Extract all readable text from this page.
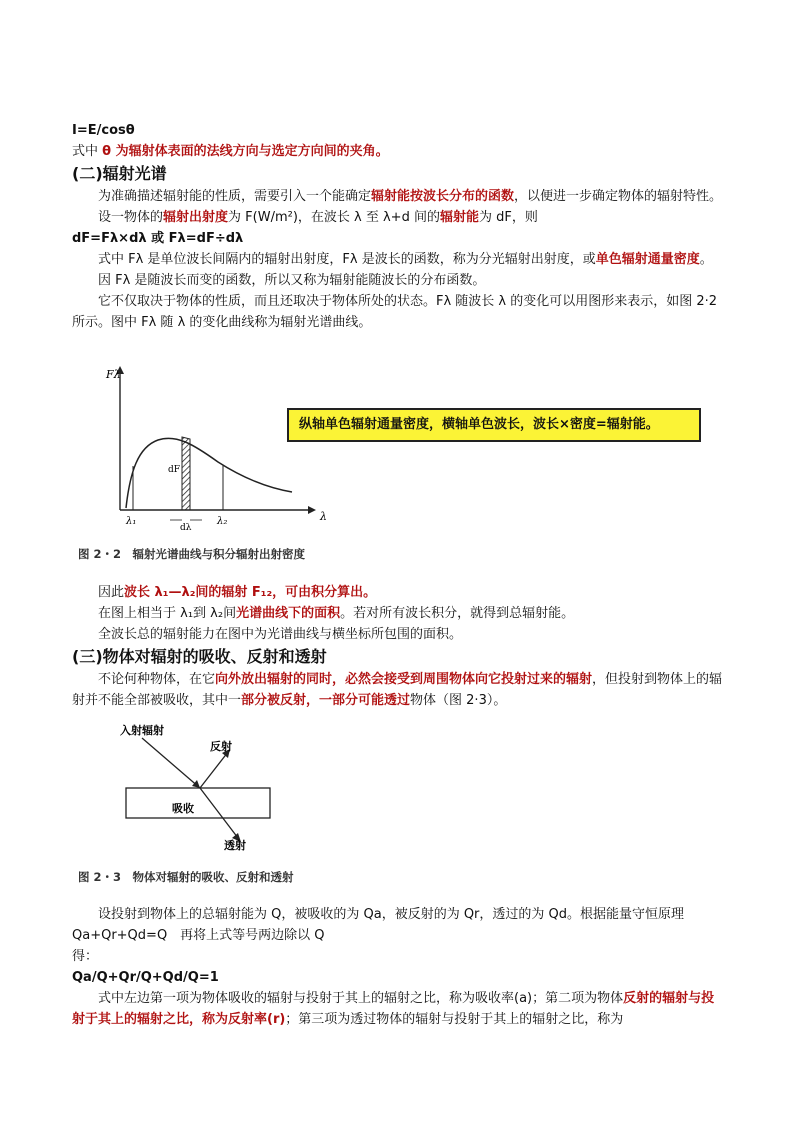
I=E/cosθ

式中 θ 为辐射体表面的法线方向与选定方向间的夹角。

(二)辐射光谱

为准确描述辐射能的性质，需要引入一个能确定辐射能按波长分布的函数，以便进一步确定物体的辐射特性。

设一物体的辐射出射度为 F(W/m²)，在波长 λ 至 λ+d 间的辐射能为 dF，则

dF=Fλ×dλ 或 Fλ=dF÷dλ

式中 Fλ 是单位波长间隔内的辐射出射度，Fλ 是波长的函数，称为分光辐射出射度，或单色辐射通量密度。

因 Fλ 是随波长而变的函数，所以又称为辐射能随波长的分布函数。

它不仅取决于物体的性质，而且还取决于物体所处的状态。Fλ 随波长 λ 的变化可以用图形来表示，如图 2·2 所示。图中 Fλ 随 λ 的变化曲线称为辐射光谱曲线。

Fλ
λ
λ₁	λ₂
dF
dλ
纵轴单色辐射通量密度，横轴单色波长，波长×密度=辐射能。
图 2・2　辐射光谱曲线与积分辐射出射密度

因此波长 λ₁—λ₂间的辐射 F₁₂，可由积分算出。

在图上相当于 λ₁到 λ₂间光谱曲线下的面积。若对所有波长积分，就得到总辐射能。

全波长总的辐射能力在图中为光谱曲线与横坐标所包围的面积。

(三)物体对辐射的吸收、反射和透射

不论何种物体，在它向外放出辐射的同时，必然会接受到周围物体向它投射过来的辐射，但投射到物体上的辐射并不能全部被吸收，其中一部分被反射，一部分可能透过物体（图 2·3）。

入射辐射
反射
吸收
透射
图 2・3　物体对辐射的吸收、反射和透射

设投射到物体上的总辐射能为 Q，被吸收的为 Qa，被反射的为 Qr，透过的为 Qd。根据能量守恒原理 Qa+Qr+Qd=Q　再将上式等号两边除以 Q

得：

Qa/Q+Qr/Q+Qd/Q=1

式中左边第一项为物体吸收的辐射与投射于其上的辐射之比，称为吸收率(a)；第二项为物体反射的辐射与投射于其上的辐射之比，称为反射率(r)；第三项为透过物体的辐射与投射于其上的辐射之比，称为
